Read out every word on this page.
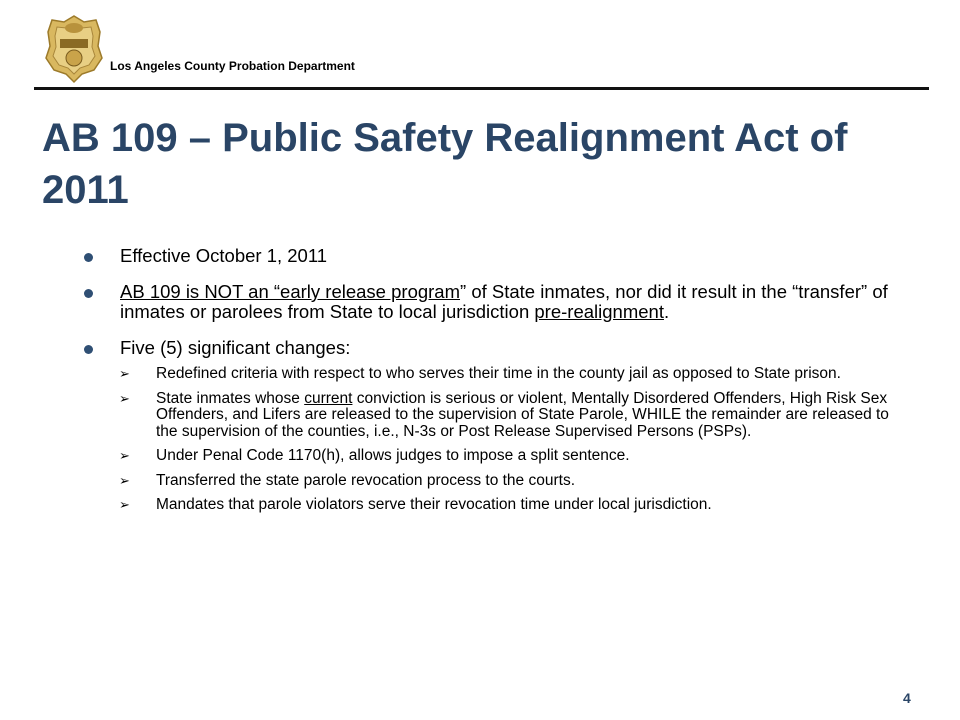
Los Angeles County Probation Department
AB 109 – Public Safety Realignment Act of 2011
Effective October 1, 2011
AB 109 is NOT an “early release program” of State inmates, nor did it result in the “transfer” of inmates or parolees from State to local jurisdiction pre-realignment.
Five (5) significant changes:
➢ Redefined criteria with respect to who serves their time in the county jail as opposed to State prison.
➢ State inmates whose current conviction is serious or violent, Mentally Disordered Offenders, High Risk Sex Offenders, and Lifers are released to the supervision of State Parole, WHILE the remainder are released to the supervision of the counties, i.e., N-3s or Post Release Supervised Persons (PSPs).
➢ Under Penal Code 1170(h), allows judges to impose a split sentence.
➢ Transferred the state parole revocation process to the courts.
➢ Mandates that parole violators serve their revocation time under local jurisdiction.
4
